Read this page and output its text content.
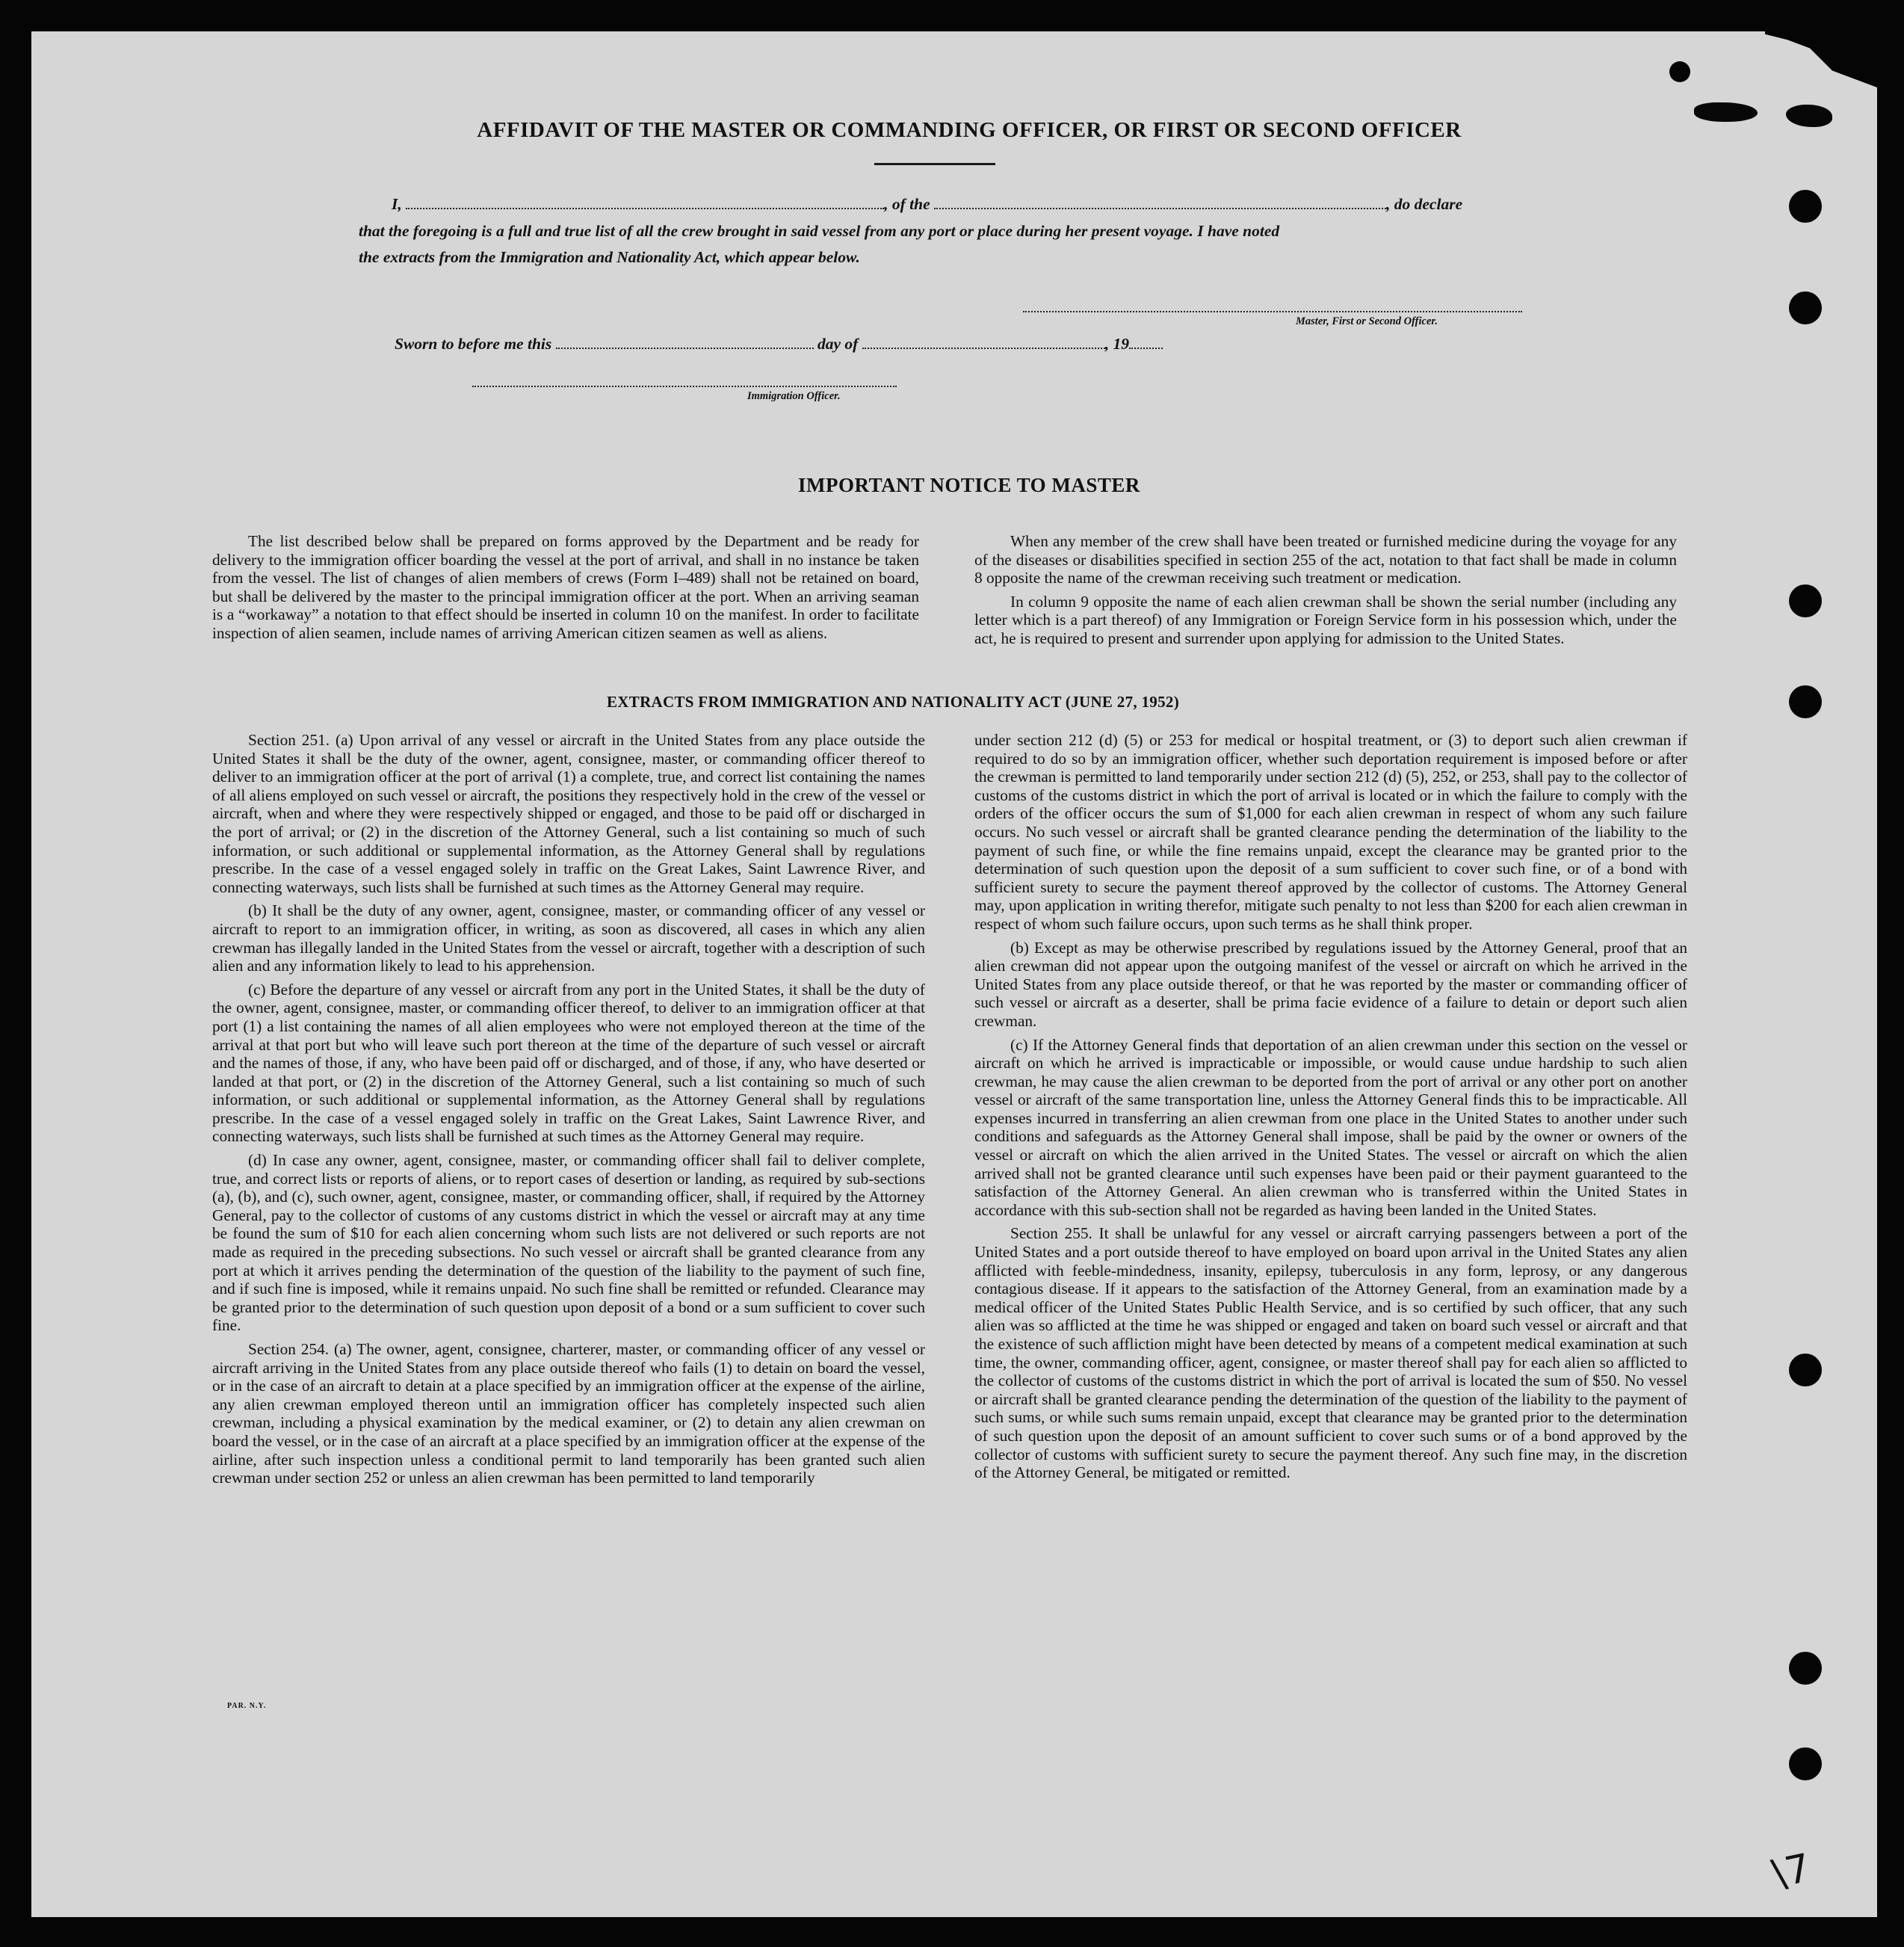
AFFIDAVIT OF THE MASTER OR COMMANDING OFFICER, OR FIRST OR SECOND OFFICER
I,	, of the	, do declare
that the foregoing is a full and true list of all the crew brought in said vessel from any port or place during her present voyage. I have noted
the extracts from the Immigration and Nationality Act, which appear below.
Master, First or Second Officer.
Sworn to before me this	day of	, 19
Immigration Officer.
IMPORTANT NOTICE TO MASTER

The list described below shall be prepared on forms approved by the Department and be ready for delivery to the immigration officer boarding the vessel at the port of arrival, and shall in no instance be taken from the vessel. The list of changes of alien members of crews (Form I–489) shall not be retained on board, but shall be delivered by the master to the principal immigration officer at the port. When an arriving seaman is a “workaway” a notation to that effect should be inserted in column 10 on the manifest. In order to facilitate inspection of alien seamen, include names of arriving American citizen seamen as well as aliens.

When any member of the crew shall have been treated or furnished medicine during the voyage for any of the diseases or disabilities specified in section 255 of the act, notation to that fact shall be made in column 8 opposite the name of the crewman receiving such treatment or medication.

In column 9 opposite the name of each alien crewman shall be shown the serial number (including any letter which is a part thereof) of any Immigration or Foreign Service form in his possession which, under the act, he is required to present and surrender upon applying for admission to the United States.

EXTRACTS FROM IMMIGRATION AND NATIONALITY ACT (JUNE 27, 1952)

Section 251. (a) Upon arrival of any vessel or aircraft in the United States from any place outside the United States it shall be the duty of the owner, agent, consignee, master, or commanding officer thereof to deliver to an immigration officer at the port of arrival (1) a complete, true, and correct list containing the names of all aliens employed on such vessel or aircraft, the positions they respectively hold in the crew of the vessel or aircraft, when and where they were respectively shipped or engaged, and those to be paid off or discharged in the port of arrival; or (2) in the discretion of the Attorney General, such a list containing so much of such information, or such additional or supplemental information, as the Attorney General shall by regulations prescribe. In the case of a vessel engaged solely in traffic on the Great Lakes, Saint Lawrence River, and connecting waterways, such lists shall be furnished at such times as the Attorney General may require.

(b) It shall be the duty of any owner, agent, consignee, master, or commanding officer of any vessel or aircraft to report to an immigration officer, in writing, as soon as discovered, all cases in which any alien crewman has illegally landed in the United States from the vessel or aircraft, together with a description of such alien and any information likely to lead to his apprehension.

(c) Before the departure of any vessel or aircraft from any port in the United States, it shall be the duty of the owner, agent, consignee, master, or commanding officer thereof, to deliver to an immigration officer at that port (1) a list containing the names of all alien employees who were not employed thereon at the time of the arrival at that port but who will leave such port thereon at the time of the departure of such vessel or aircraft and the names of those, if any, who have been paid off or discharged, and of those, if any, who have deserted or landed at that port, or (2) in the discretion of the Attorney General, such a list containing so much of such information, or such additional or supplemental information, as the Attorney General shall by regulations prescribe. In the case of a vessel engaged solely in traffic on the Great Lakes, Saint Lawrence River, and connecting waterways, such lists shall be furnished at such times as the Attorney General may require.

(d) In case any owner, agent, consignee, master, or commanding officer shall fail to deliver complete, true, and correct lists or reports of aliens, or to report cases of desertion or landing, as required by sub-sections (a), (b), and (c), such owner, agent, consignee, master, or commanding officer, shall, if required by the Attorney General, pay to the collector of customs of any customs district in which the vessel or aircraft may at any time be found the sum of $10 for each alien concerning whom such lists are not delivered or such reports are not made as required in the preceding subsections. No such vessel or aircraft shall be granted clearance from any port at which it arrives pending the determination of the question of the liability to the payment of such fine, and if such fine is imposed, while it remains unpaid. No such fine shall be remitted or refunded. Clearance may be granted prior to the determination of such question upon deposit of a bond or a sum sufficient to cover such fine.

Section 254. (a) The owner, agent, consignee, charterer, master, or commanding officer of any vessel or aircraft arriving in the United States from any place outside thereof who fails (1) to detain on board the vessel, or in the case of an aircraft to detain at a place specified by an immigration officer at the expense of the airline, any alien crewman employed thereon until an immigration officer has completely inspected such alien crewman, including a physical examination by the medical examiner, or (2) to detain any alien crewman on board the vessel, or in the case of an aircraft at a place specified by an immigration officer at the expense of the airline, after such inspection unless a conditional permit to land temporarily has been granted such alien crewman under section 252 or unless an alien crewman has been permitted to land temporarily

under section 212 (d) (5) or 253 for medical or hospital treatment, or (3) to deport such alien crewman if required to do so by an immigration officer, whether such deportation requirement is imposed before or after the crewman is permitted to land temporarily under section 212 (d) (5), 252, or 253, shall pay to the collector of customs of the customs district in which the port of arrival is located or in which the failure to comply with the orders of the officer occurs the sum of $1,000 for each alien crewman in respect of whom any such failure occurs. No such vessel or aircraft shall be granted clearance pending the determination of the liability to the payment of such fine, or while the fine remains unpaid, except the clearance may be granted prior to the determination of such question upon the deposit of a sum sufficient to cover such fine, or of a bond with sufficient surety to secure the payment thereof approved by the collector of customs. The Attorney General may, upon application in writing therefor, mitigate such penalty to not less than $200 for each alien crewman in respect of whom such failure occurs, upon such terms as he shall think proper.

(b) Except as may be otherwise prescribed by regulations issued by the Attorney General, proof that an alien crewman did not appear upon the outgoing manifest of the vessel or aircraft on which he arrived in the United States from any place outside thereof, or that he was reported by the master or commanding officer of such vessel or aircraft as a deserter, shall be prima facie evidence of a failure to detain or deport such alien crewman.

(c) If the Attorney General finds that deportation of an alien crewman under this section on the vessel or aircraft on which he arrived is impracticable or impossible, or would cause undue hardship to such alien crewman, he may cause the alien crewman to be deported from the port of arrival or any other port on another vessel or aircraft of the same transportation line, unless the Attorney General finds this to be impracticable. All expenses incurred in transferring an alien crewman from one place in the United States to another under such conditions and safeguards as the Attorney General shall impose, shall be paid by the owner or owners of the vessel or aircraft on which the alien arrived in the United States. The vessel or aircraft on which the alien arrived shall not be granted clearance until such expenses have been paid or their payment guaranteed to the satisfaction of the Attorney General. An alien crewman who is transferred within the United States in accordance with this sub-section shall not be regarded as having been landed in the United States.

Section 255. It shall be unlawful for any vessel or aircraft carrying passengers between a port of the United States and a port outside thereof to have employed on board upon arrival in the United States any alien afflicted with feeble-mindedness, insanity, epilepsy, tuberculosis in any form, leprosy, or any dangerous contagious disease. If it appears to the satisfaction of the Attorney General, from an examination made by a medical officer of the United States Public Health Service, and is so certified by such officer, that any such alien was so afflicted at the time he was shipped or engaged and taken on board such vessel or aircraft and that the existence of such affliction might have been detected by means of a competent medical examination at such time, the owner, commanding officer, agent, consignee, or master thereof shall pay for each alien so afflicted to the collector of customs of the customs district in which the port of arrival is located the sum of $50. No vessel or aircraft shall be granted clearance pending the determination of the question of the liability to the payment of such sums, or while such sums remain unpaid, except that clearance may be granted prior to the determination of such question upon the deposit of an amount sufficient to cover such sums or of a bond approved by the collector of customs with sufficient surety to secure the payment thereof. Any such fine may, in the discretion of the Attorney General, be mitigated or remitted.

PAR. N.Y.
\7
